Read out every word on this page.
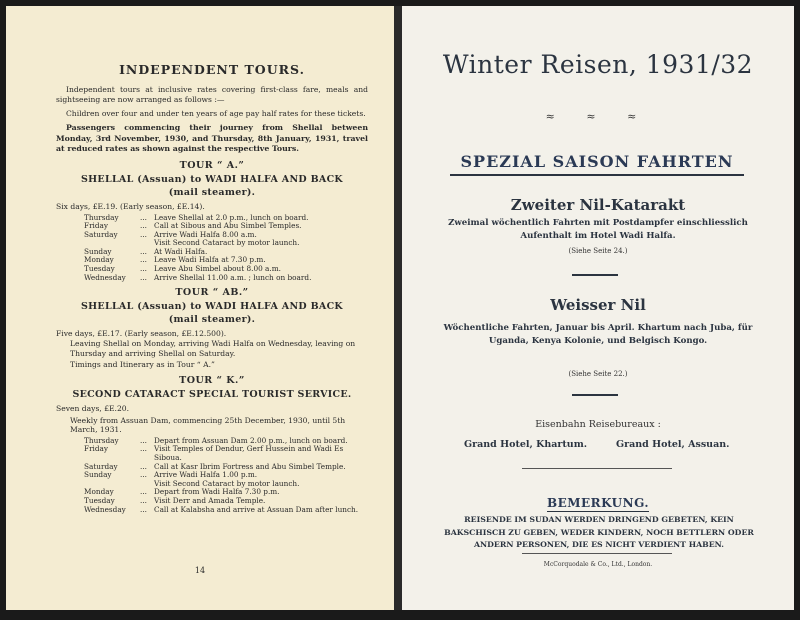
INDEPENDENT TOURS.

Independent tours at inclusive rates covering first-class fare, meals and sightseeing are now arranged as follows :—

Children over four and under ten years of age pay half rates for these tickets.

Passengers commencing their journey from Shellal between Monday, 3rd November, 1930, and Thursday, 8th January, 1931, travel at reduced rates as shown against the respective Tours.

TOUR “ A.”
SHELLAL (Assuan) to WADI HALFA AND BACK
(mail steamer).

Six days, £E.19. (Early season, £E.14).

Thursday	...	Leave Shellal at 2.0 p.m., lunch on board.
Friday	...	Call at Sibous and Abu Simbel Temples.
Saturday	...	Arrive Wadi Halfa 8.00 a.m.
		Visit Second Cataract by motor launch.
Sunday	...	At Wadi Halfa.
Monday	...	Leave Wadi Halfa at 7.30 p.m.
Tuesday	...	Leave Abu Simbel about 8.00 a.m.
Wednesday	...	Arrive Shellal 11.00 a.m. ; lunch on board.
TOUR “ AB.”
SHELLAL (Assuan) to WADI HALFA AND BACK
(mail steamer).

Five days, £E.17. (Early season, £E.12.500).

Leaving Shellal on Monday, arriving Wadi Halfa on Wednesday, leaving on Thursday and arriving Shellal on Saturday.

Timings and Itinerary as in Tour “ A.”

TOUR “ K.”
SECOND CATARACT SPECIAL TOURIST SERVICE.

Seven days, £E.20.

Weekly from Assuan Dam, commencing 25th December, 1930, until 5th March, 1931.

Thursday	...	Depart from Assuan Dam 2.00 p.m., lunch on board.
Friday	...	Visit Temples of Dendur, Gerf Hussein and Wadi Es Siboua.
Saturday	...	Call at Kasr Ibrim Fortress and Abu Simbel Temple.
Sunday	...	Arrive Wadi Halfa 1.00 p.m.
		Visit Second Cataract by motor launch.
Monday	...	Depart from Wadi Halfa 7.30 p.m.
Tuesday	...	Visit Derr and Amada Temple.
Wednesday	...	Call at Kalabsha and arrive at Assuan Dam after lunch.
14
Winter Reisen, 1931/32
≈ ≈ ≈
SPEZIAL SAISON FAHRTEN
Zweiter Nil-Katarakt
Zweimal wöchentlich Fahrten mit Postdampfer einschliesslich Aufenthalt im Hotel Wadi Halfa.
(Siehe Seite 24.)
Weisser Nil
Wöchentliche Fahrten, Januar bis April. Khartum nach Juba, für Uganda, Kenya Kolonie, und Belgisch Kongo.
(Siehe Seite 22.)
Eisenbahn Reisebureaux :
Grand Hotel, Khartum.	Grand Hotel, Assuan.
BEMERKUNG.
REISENDE IM SUDAN WERDEN DRINGEND GEBETEN, KEIN BAKSCHISCH ZU GEBEN, WEDER KINDERN, NOCH BETTLERN ODER ANDERN PERSONEN, DIE ES NICHT VERDIENT HABEN.
McCorquodale & Co., Ltd., London.
